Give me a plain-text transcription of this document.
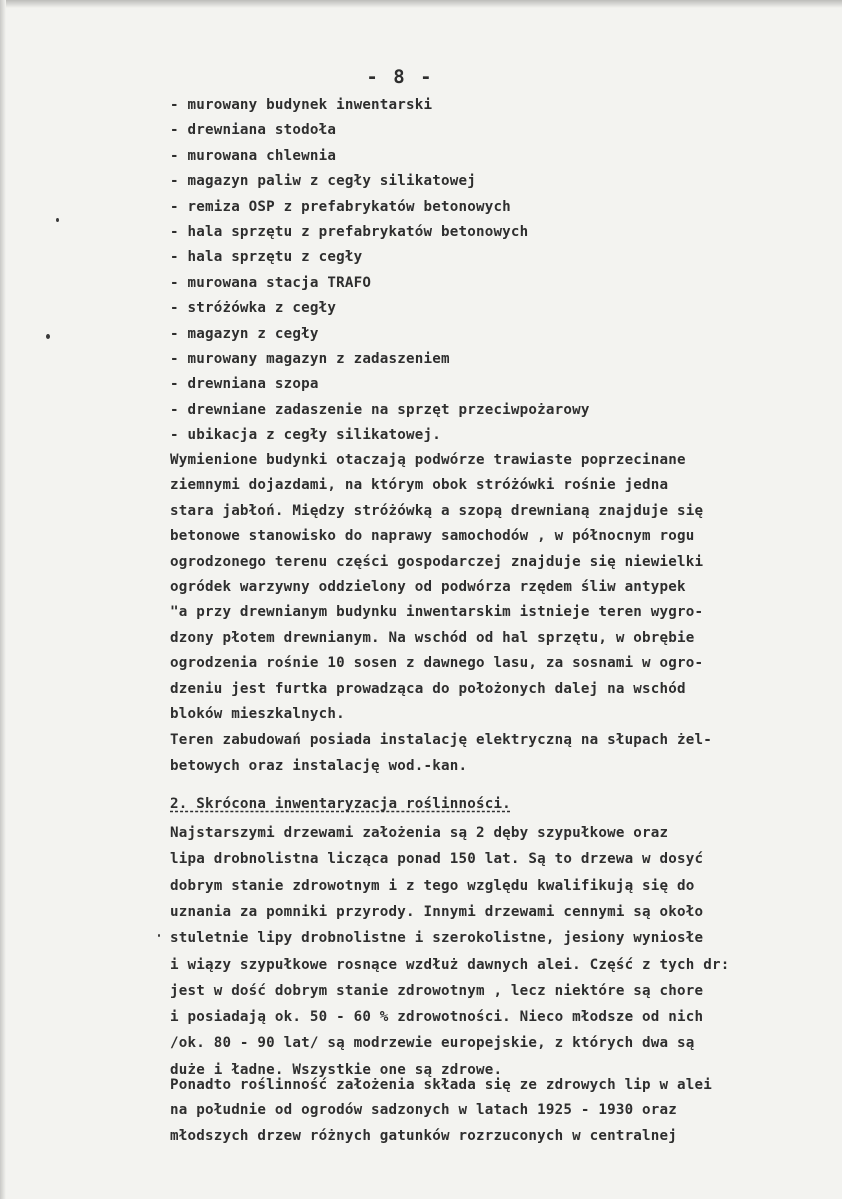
- 8 -
- murowany budynek inwentarski
- drewniana stodoła
- murowana chlewnia
- magazyn paliw z cegły silikatowej
- remiza OSP z prefabrykatów betonowych
- hala sprzętu z prefabrykatów betonowych
- hala sprzętu z cegły
- murowana stacja TRAFO
- stróżówka z cegły
- magazyn z cegły
- murowany magazyn z zadaszeniem
- drewniana szopa
- drewniane zadaszenie na sprzęt przeciwpożarowy
- ubikacja z cegły silikatowej.
Wymienione budynki otaczają podwórze trawiaste poprzecinane
ziemnymi dojazdami, na którym obok stróżówki rośnie jedna
stara jabłoń. Między stróżówką a szopą drewnianą znajduje się
betonowe stanowisko do naprawy samochodów , w północnym rogu
ogrodzonego terenu części gospodarczej znajduje się niewielki
ogródek warzywny oddzielony od podwórza rzędem śliw antypek
"a przy drewnianym budynku inwentarskim istnieje teren wygro-
dzony płotem drewnianym. Na wschód od hal sprzętu, w obrębie
ogrodzenia rośnie 10 sosen z dawnego lasu, za sosnami w ogro-
dzeniu jest furtka prowadząca do położonych dalej na wschód
bloków mieszkalnych.
Teren zabudowań posiada instalację elektryczną na słupach żel-
betowych oraz instalację wod.-kan.
2. Skrócona inwentaryzacja roślinności.
Najstarszymi drzewami założenia są 2 dęby szypułkowe oraz
lipa drobnolistna licząca ponad 150 lat. Są to drzewa w dosyć
dobrym stanie zdrowotnym i z tego względu kwalifikują się do
uznania za pomniki przyrody. Innymi drzewami cennymi są około
stuletnie lipy drobnolistne i szerokolistne, jesiony wyniosłe
i wiązy szypułkowe rosnące wzdłuż dawnych alei. Część z tych dr:
jest w dość dobrym stanie zdrowotnym , lecz niektóre są chore
i posiadają ok. 50 - 60 % zdrowotności. Nieco młodsze od nich
/ok. 80 - 90 lat/ są modrzewie europejskie, z których dwa są
duże i ładne. Wszystkie one są zdrowe.
Ponadto roślinność założenia składa się ze zdrowych lip w alei
na południe od ogrodów sadzonych w latach 1925 - 1930 oraz
młodszych drzew różnych gatunków rozrzuconych w centralnej
